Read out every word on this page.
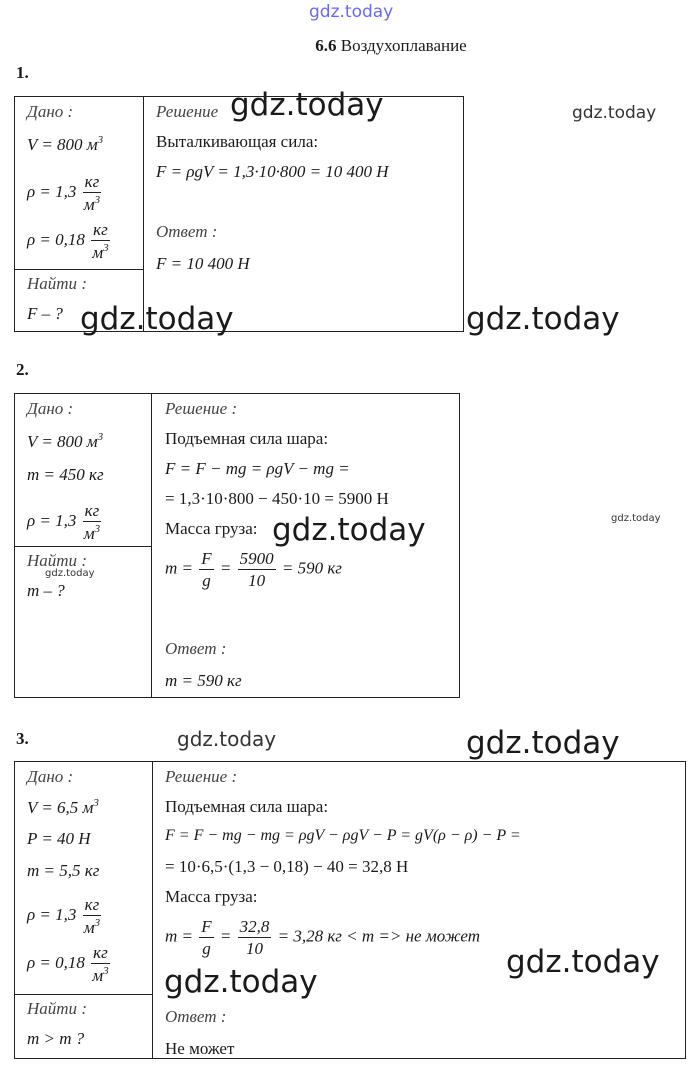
gdz.today
gdz.today	gdz.today
gdz.today	gdz.today
gdz.today	gdz.today
gdz.today
gdz.today	gdz.today
gdz.today
gdz.today
6.6 Воздухоплавание
1.
Дано :
V = 800 $м^3$
$\rho = 1,3 \frac{кг}{м^3}$
$\rho = 0,18 \frac{кг}{м^3}$
Найти :
F – ?
Решение
Выталкивающая сила:
F = ρgV = 1,3·10·800 = 10 400 Н
Ответ :
F = 10 400 Н
2.
Дано :
V = 800 $м^3$
m = 450 кг
$\rho = 1,3 \frac{кг}{м^3}$
Найти :
m – ?
Решение :
Подъемная сила шара:
F = F − mg = ρgV − mg =
= 1,3·10·800 − 450·10 = 5900 Н
Масса груза:
$m = \frac{F}{g} = \frac{5900}{10} = 590$ кг
Ответ :
m = 590 кг
3.
Дано :
V = 6,5 $м^3$
P = 40 Н
m = 5,5 кг
$\rho = 1,3 \frac{кг}{м^3}$
$\rho = 0,18 \frac{кг}{м^3}$
Найти :
m > m ?
Решение :
Подъемная сила шара:
F = F − mg − mg = ρgV − ρgV − P = gV(ρ − ρ) − P =
= 10·6,5·(1,3 − 0,18) − 40 = 32,8 Н
Масса груза:
$m = \frac{F}{g} = \frac{32,8}{10} = 3,28$ кг < m => не может
Ответ :
Не может
